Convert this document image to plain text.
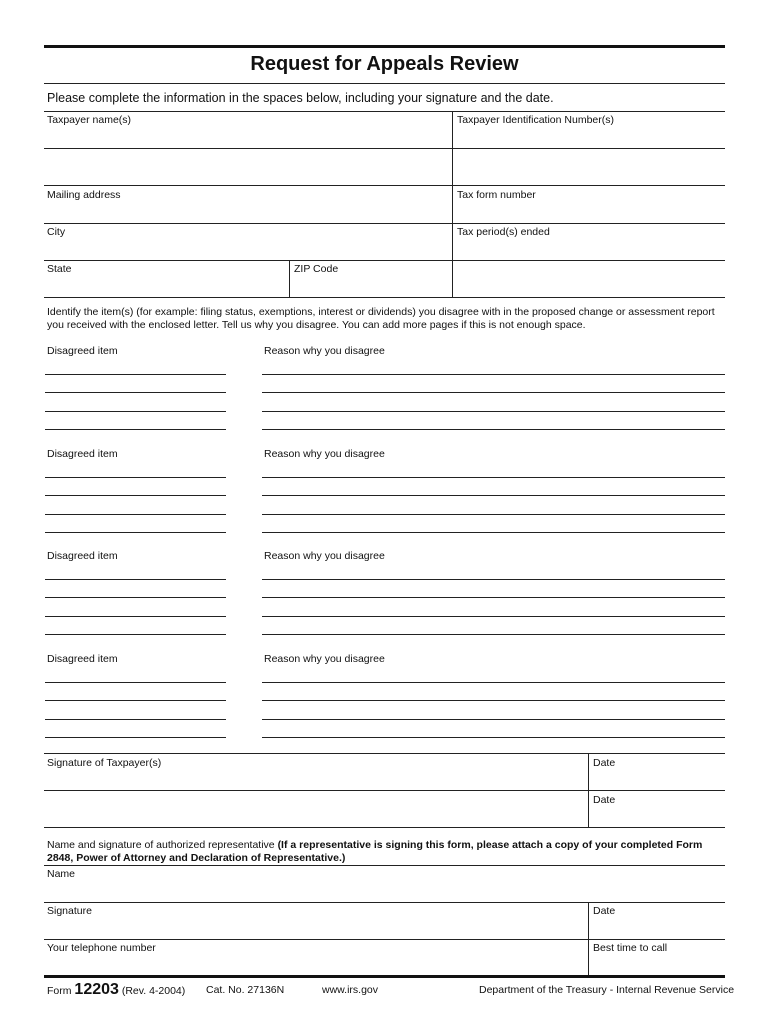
Request for Appeals Review
Please complete the information in the spaces below, including your signature and the date.
Taxpayer name(s)	Taxpayer Identification Number(s)
Mailing address	Tax form number
City	Tax period(s) ended
State	ZIP Code
Identify the item(s) (for example: filing status, exemptions, interest or dividends) you disagree with in the proposed change or assessment report you received with the enclosed letter. Tell us why you disagree. You can add more pages if this is not enough space.
Disagreed item	Reason why you disagree
Disagreed item	Reason why you disagree
Disagreed item	Reason why you disagree
Disagreed item	Reason why you disagree
Signature of Taxpayer(s)	Date
Date
Name and signature of authorized representative (If a representative is signing this form, please attach a copy of your completed Form 2848, Power of Attorney and Declaration of Representative.)
Name
Signature	Date
Your telephone number	Best time to call
Form 12203 (Rev. 4-2004) Cat. No. 27136N	www.irs.gov	Department of the Treasury - Internal Revenue Service
